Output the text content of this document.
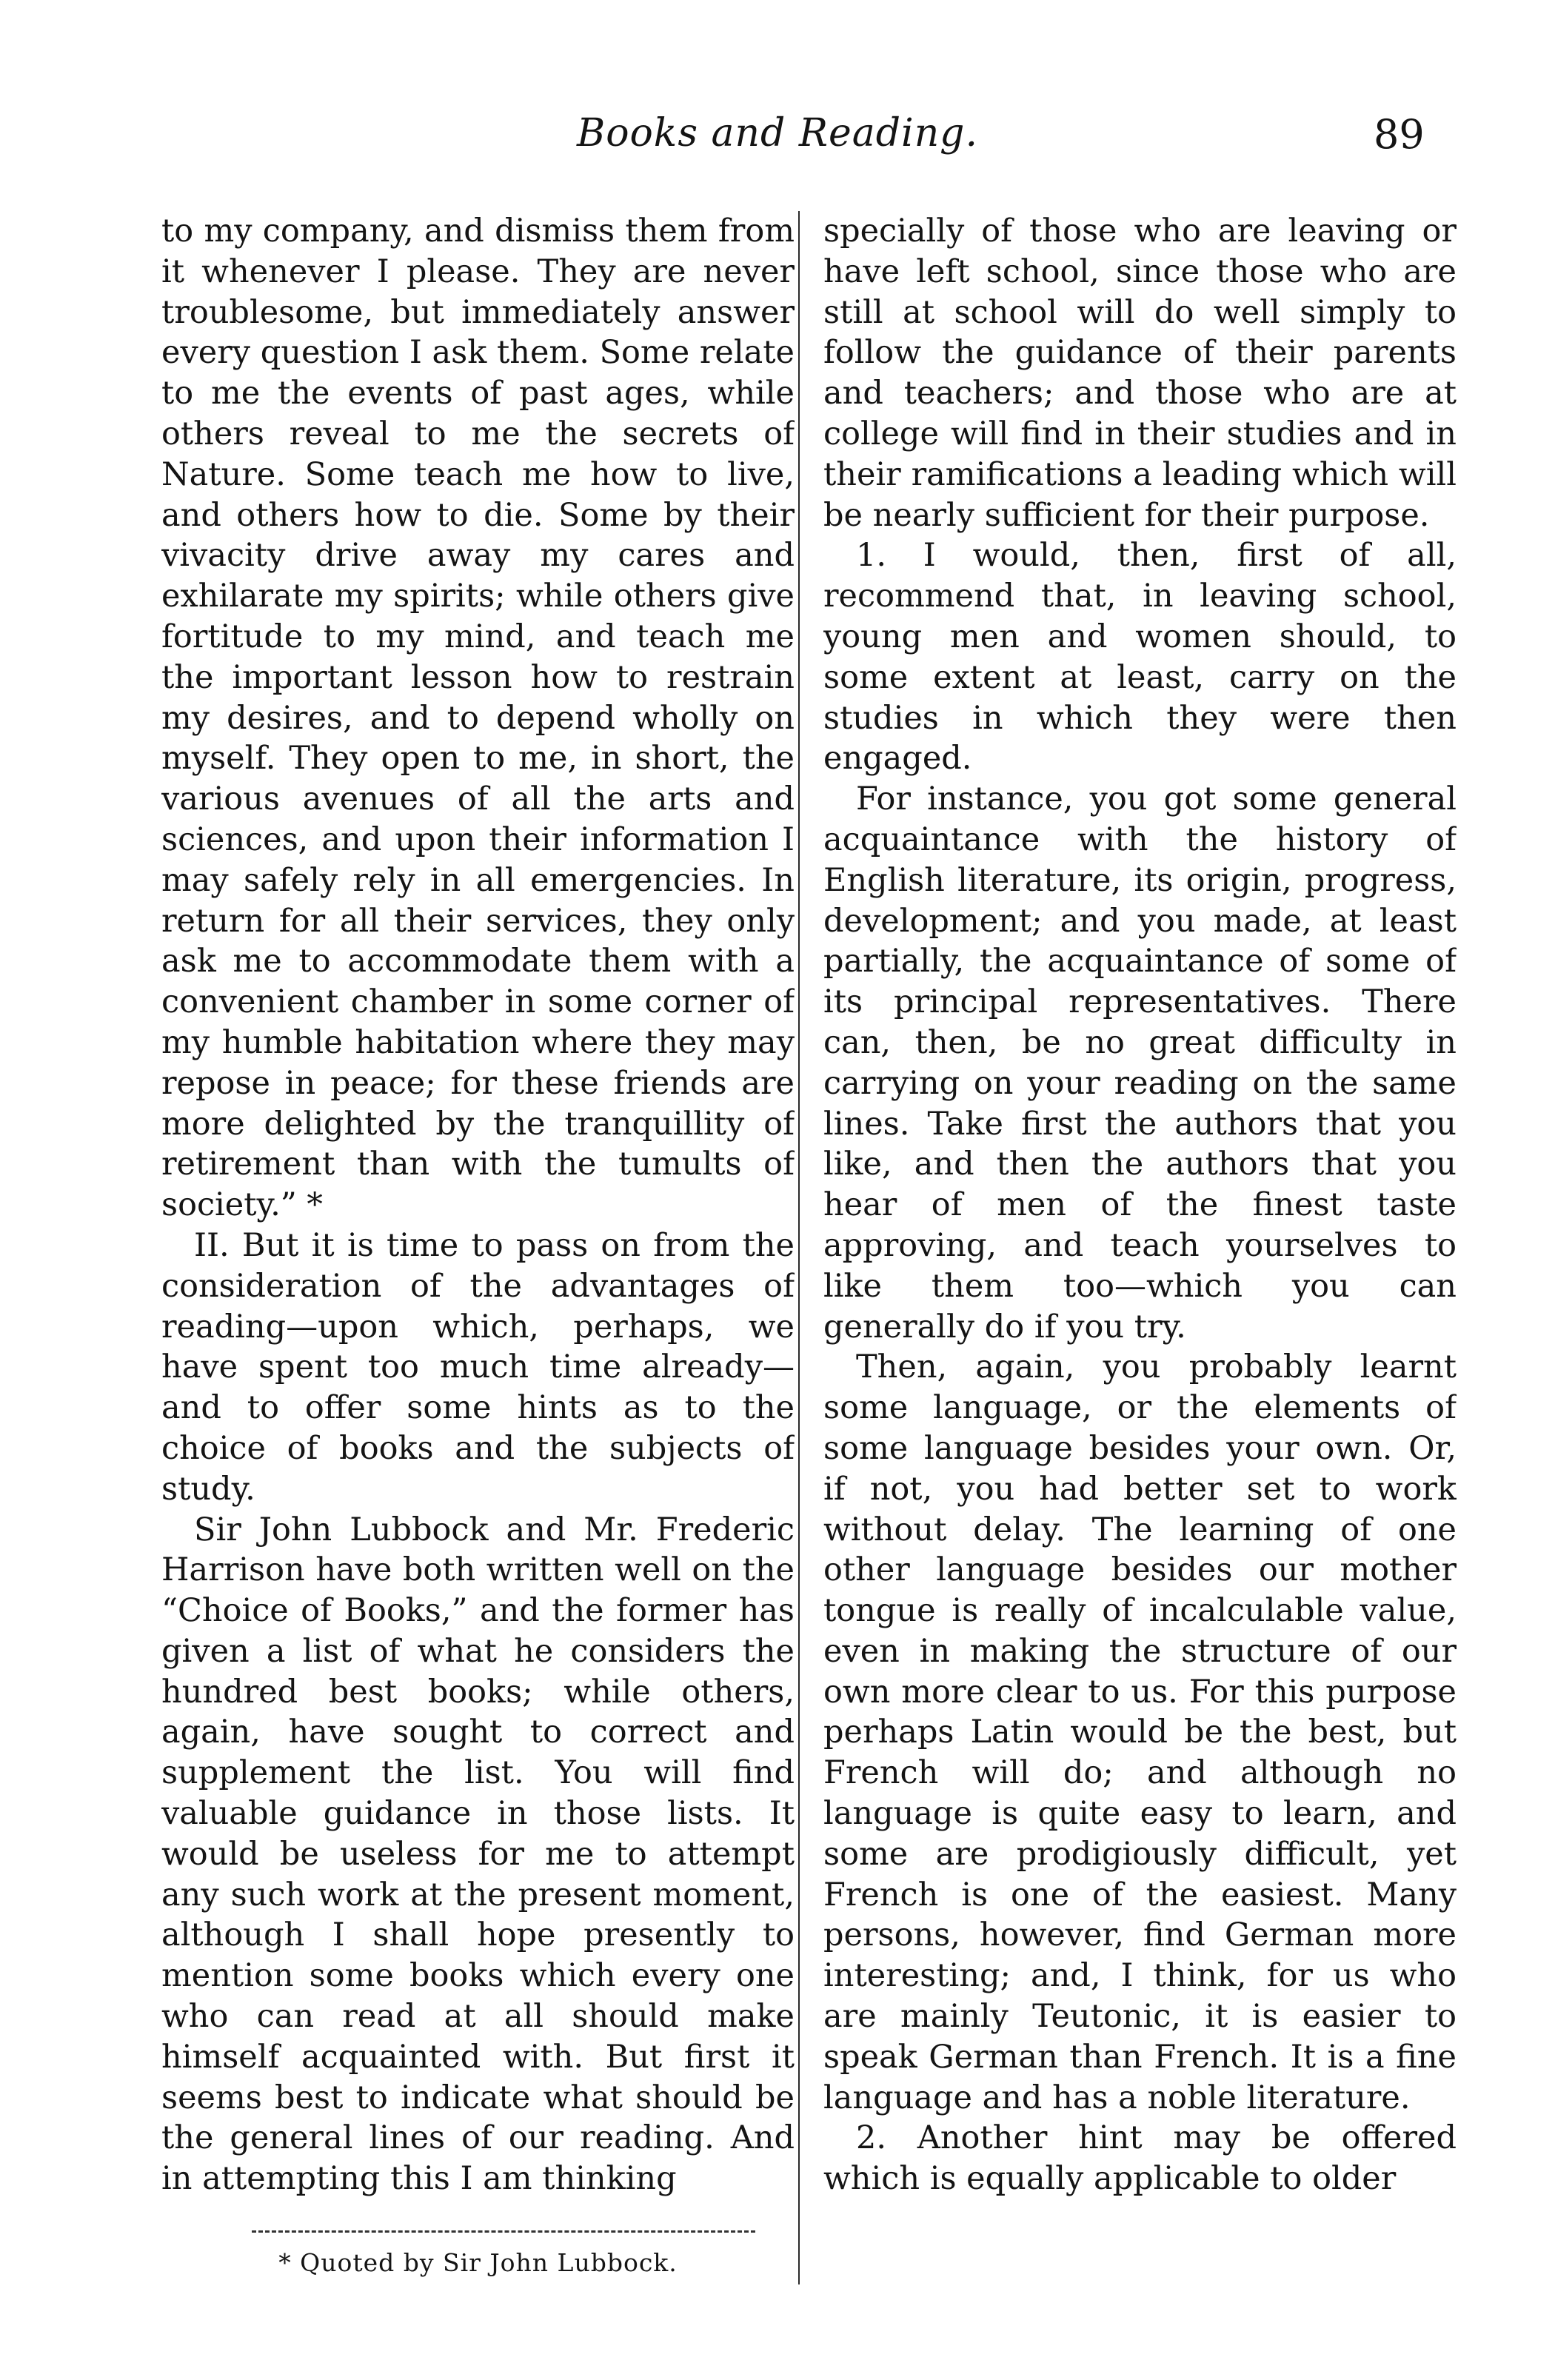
Books and Reading.	89

to my company, and dismiss them from it whenever I please. They are never troublesome, but immediately answer every question I ask them. Some relate to me the events of past ages, while others reveal to me the secrets of Nature. Some teach me how to live, and others how to die. Some by their vivacity drive away my cares and exhilarate my spirits; while others give fortitude to my mind, and teach me the important lesson how to restrain my desires, and to depend wholly on myself. They open to me, in short, the various avenues of all the arts and sciences, and upon their information I may safely rely in all emergencies. In return for all their services, they only ask me to accommodate them with a convenient chamber in some corner of my humble habitation where they may repose in peace; for these friends are more delighted by the tranquillity of retirement than with the tumults of society.” *

II. But it is time to pass on from the consideration of the advantages of reading—upon which, perhaps, we have spent too much time already—and to offer some hints as to the choice of books and the subjects of study.

Sir John Lubbock and Mr. Frederic Harrison have both written well on the “Choice of Books,” and the former has given a list of what he considers the hundred best books; while others, again, have sought to correct and supplement the list. You will find valuable guidance in those lists. It would be useless for me to attempt any such work at the present moment, although I shall hope presently to mention some books which every one who can read at all should make himself acquainted with. But first it seems best to indicate what should be the general lines of our reading. And in attempting this I am thinking

specially of those who are leaving or have left school, since those who are still at school will do well simply to follow the guidance of their parents and teachers; and those who are at college will find in their studies and in their ramifications a leading which will be nearly sufficient for their purpose.

1. I would, then, first of all, recommend that, in leaving school, young men and women should, to some extent at least, carry on the studies in which they were then engaged.

For instance, you got some general acquaintance with the history of English literature, its origin, progress, development; and you made, at least partially, the acquaintance of some of its principal representatives. There can, then, be no great difficulty in carrying on your reading on the same lines. Take first the authors that you like, and then the authors that you hear of men of the finest taste approving, and teach yourselves to like them too—which you can generally do if you try.

Then, again, you probably learnt some language, or the elements of some language besides your own. Or, if not, you had better set to work without delay. The learning of one other language besides our mother tongue is really of incalculable value, even in making the structure of our own more clear to us. For this purpose perhaps Latin would be the best, but French will do; and although no language is quite easy to learn, and some are prodigiously difficult, yet French is one of the easiest. Many persons, however, find German more interesting; and, I think, for us who are mainly Teutonic, it is easier to speak German than French. It is a fine language and has a noble literature.

2. Another hint may be offered which is equally applicable to older

* Quoted by Sir John Lubbock.
